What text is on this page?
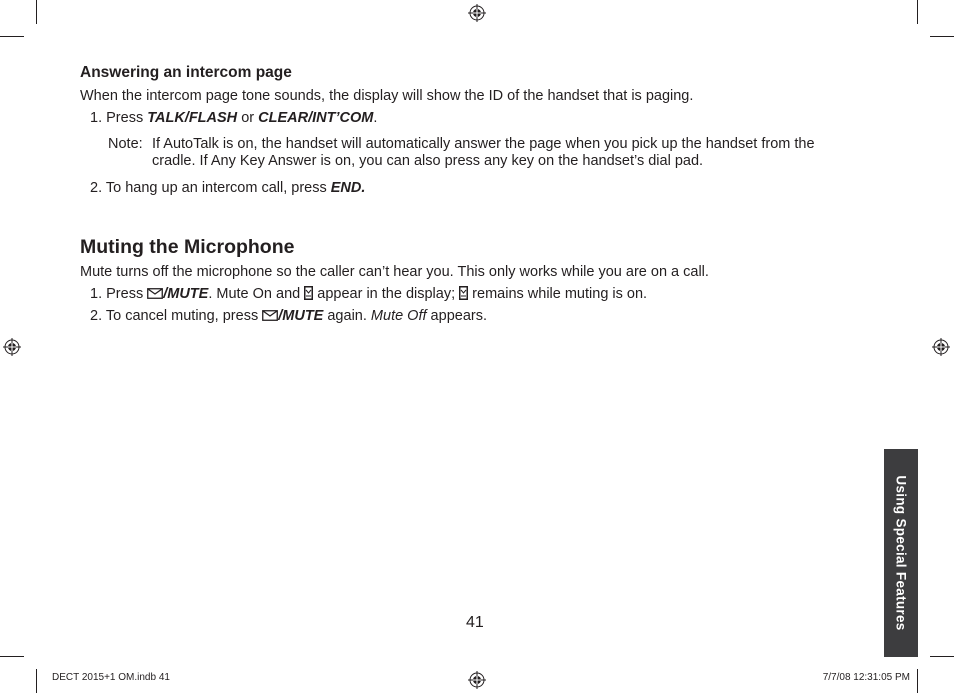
Answering an intercom page
When the intercom page tone sounds, the display will show the ID of the handset that is paging.
1. Press TALK/FLASH or CLEAR/INT’COM.
Note: If AutoTalk is on, the handset will automatically answer the page when you pick up the handset from the
cradle. If Any Key Answer is on, you can also press any key on the handset’s dial pad.
2. To hang up an intercom call, press END.
Muting the Microphone
Mute turns off the microphone so the caller can’t hear you. This only works while you are on a call.
1. Press /MUTE. Mute On and  appear in the display;  remains while muting is on.
2. To cancel muting, press /MUTE again. Mute Off appears.
Using Special Features
41
DECT 2015+1 OM.indb 41	7/7/08 12:31:05 PM
